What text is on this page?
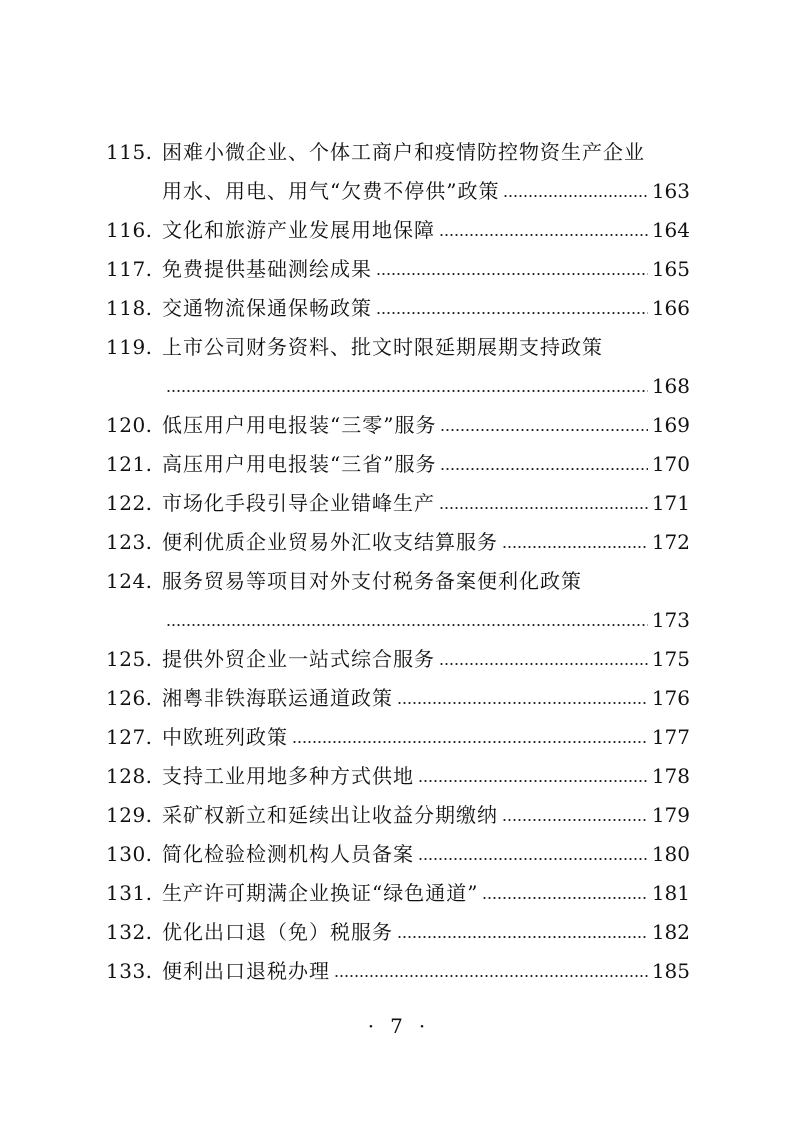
115. 困难小微企业、个体工商户和疫情防控物资生产企业
用水、用电、用气“欠费不停供”政策	163
116. 文化和旅游产业发展用地保障	164
117. 免费提供基础测绘成果	165
118. 交通物流保通保畅政策	166
119. 上市公司财务资料、批文时限延期展期支持政策
168
120. 低压用户用电报装“三零”服务	169
121. 高压用户用电报装“三省”服务	170
122. 市场化手段引导企业错峰生产	171
123. 便利优质企业贸易外汇收支结算服务	172
124. 服务贸易等项目对外支付税务备案便利化政策
173
125. 提供外贸企业一站式综合服务	175
126. 湘粤非铁海联运通道政策	176
127. 中欧班列政策	177
128. 支持工业用地多种方式供地	178
129. 采矿权新立和延续出让收益分期缴纳	179
130. 简化检验检测机构人员备案	180
131. 生产许可期满企业换证“绿色通道”	181
132. 优化出口退（免）税服务	182
133. 便利出口退税办理	185
· 7 ·
